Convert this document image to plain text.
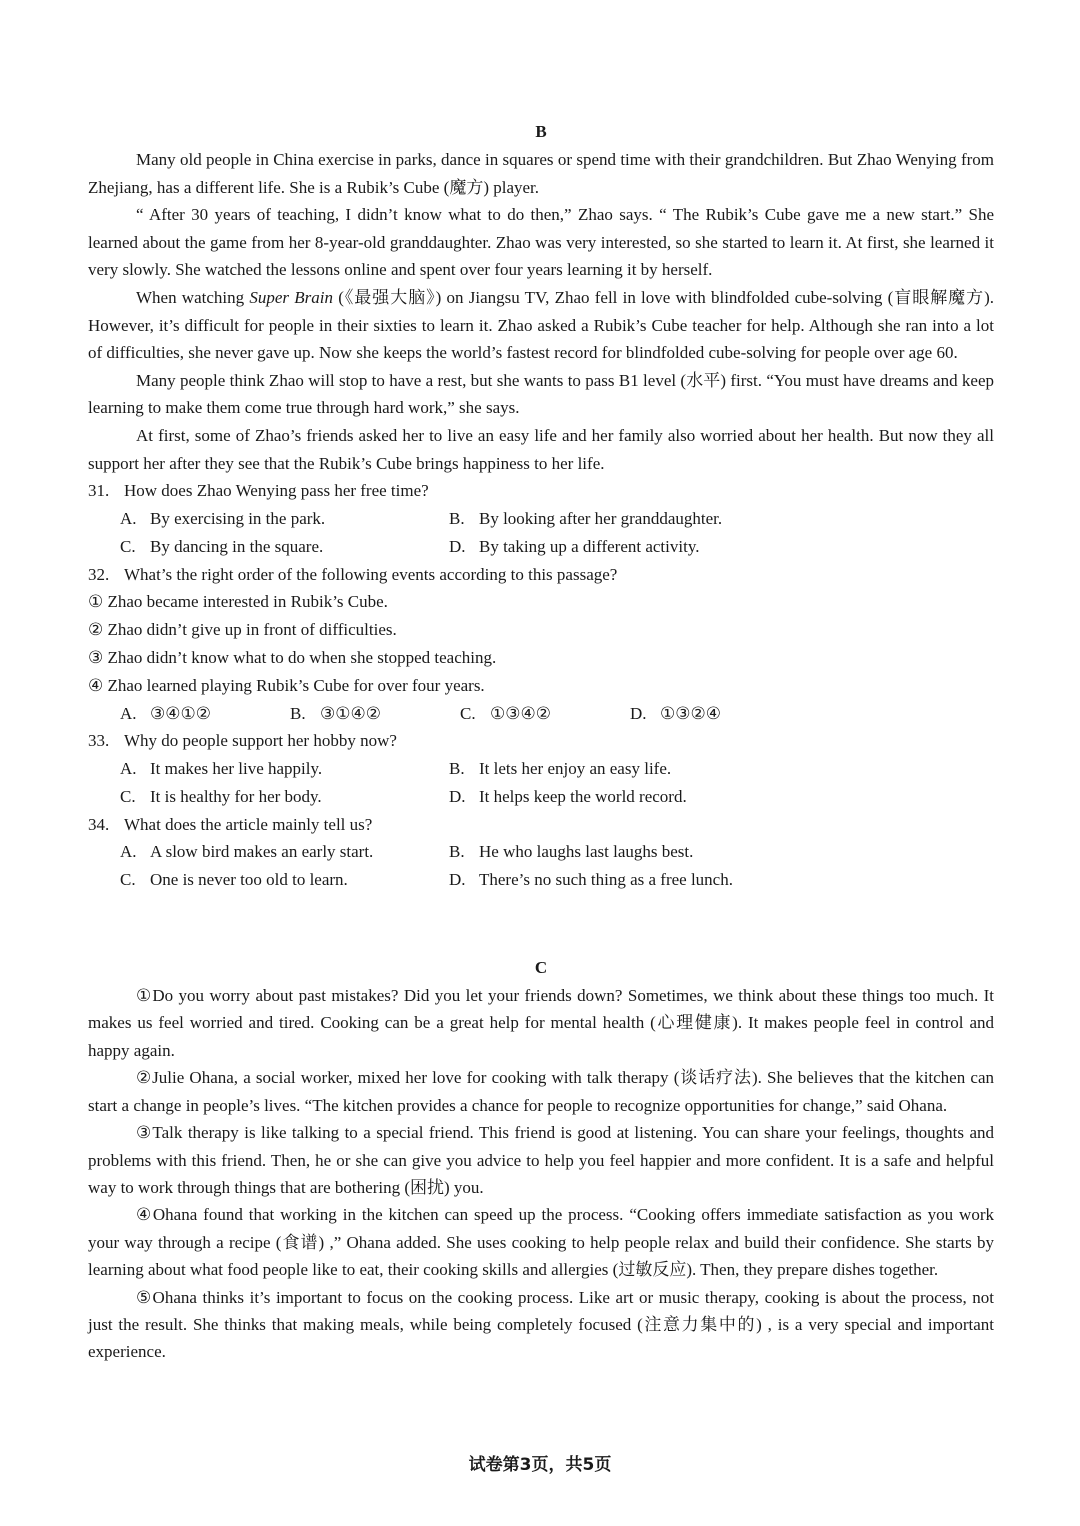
B

Many old people in China exercise in parks, dance in squares or spend time with their grandchildren. But Zhao Wenying from Zhejiang, has a different life. She is a Rubik’s Cube (魔方) player.

“ After 30 years of teaching, I didn’t know what to do then,” Zhao says. “ The Rubik’s Cube gave me a new start.” She learned about the game from her 8-year-old granddaughter. Zhao was very interested, so she started to learn it. At first, she learned it very slowly. She watched the lessons online and spent over four years learning it by herself.

When watching Super Brain (《最强大脑》) on Jiangsu TV, Zhao fell in love with blindfolded cube-solving (盲眼解魔方). However, it’s difficult for people in their sixties to learn it. Zhao asked a Rubik’s Cube teacher for help. Although she ran into a lot of difficulties, she never gave up. Now she keeps the world’s fastest record for blindfolded cube-solving for people over age 60.

Many people think Zhao will stop to have a rest, but she wants to pass B1 level (水平) first. “You must have dreams and keep learning to make them come true through hard work,” she says.

At first, some of Zhao’s friends asked her to live an easy life and her family also worried about her health. But now they all support her after they see that the Rubik’s Cube brings happiness to her life.

31. How does Zhao Wenying pass her free time?

A. By exercising in the park.	B. By looking after her granddaughter.
C. By dancing in the square.	D. By taking up a different activity.

32. What’s the right order of the following events according to this passage?

① Zhao became interested in Rubik’s Cube.

② Zhao didn’t give up in front of difficulties.

③ Zhao didn’t know what to do when she stopped teaching.

④ Zhao learned playing Rubik’s Cube for over four years.

A. ③④①②	B. ③①④②	C. ①③④②	D. ①③②④

33. Why do people support her hobby now?

A. It makes her live happily.	B. It lets her enjoy an easy life.
C. It is healthy for her body.	D. It helps keep the world record.

34. What does the article mainly tell us?

A. A slow bird makes an early start.	B. He who laughs last laughs best.
C. One is never too old to learn.	D. There’s no such thing as a free lunch.
C

①Do you worry about past mistakes? Did you let your friends down? Sometimes, we think about these things too much. It makes us feel worried and tired. Cooking can be a great help for mental health (心理健康). It makes people feel in control and happy again.

②Julie Ohana, a social worker, mixed her love for cooking with talk therapy (谈话疗法). She believes that the kitchen can start a change in people’s lives. “The kitchen provides a chance for people to recognize opportunities for change,” said Ohana.

③Talk therapy is like talking to a special friend. This friend is good at listening. You can share your feelings, thoughts and problems with this friend. Then, he or she can give you advice to help you feel happier and more confident. It is a safe and helpful way to work through things that are bothering (困扰) you.

④Ohana found that working in the kitchen can speed up the process. “Cooking offers immediate satisfaction as you work your way through a recipe (食谱) ,” Ohana added. She uses cooking to help people relax and build their confidence. She starts by learning about what food people like to eat, their cooking skills and allergies (过敏反应). Then, they prepare dishes together.

⑤Ohana thinks it’s important to focus on the cooking process. Like art or music therapy, cooking is about the process, not just the result. She thinks that making meals, while being completely focused (注意力集中的) , is a very special and important experience.

试卷第3页，共5页
